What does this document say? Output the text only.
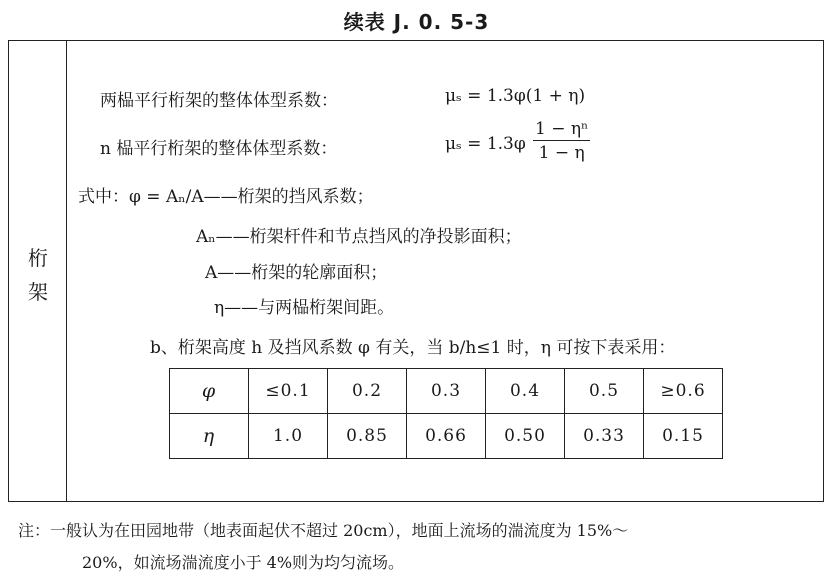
续表 J. 0. 5-3
桁
架
两榀平行桁架的整体体型系数：	μₛ = 1.3φ(1 + η)
n 榀平行桁架的整体体型系数：	$\mu_s = 1.3\varphi \frac{\text{1 − ηⁿ}}{1 - \eta}$
式中：φ = Aₙ/A——桁架的挡风系数；
Aₙ——桁架杆件和节点挡风的净投影面积；
A——桁架的轮廓面积；
η——与两榀桁架间距。
b、桁架高度 h 及挡风系数 φ 有关，当 b/h≤1 时，η 可按下表采用：
φ	≤0.1	0.2	0.3	0.4	0.5	≥0.6
η	1.0	0.85	0.66	0.50	0.33	0.15
注：一般认为在田园地带（地表面起伏不超过 20cm），地面上流场的湍流度为 15%～
20%，如流场湍流度小于 4%则为均匀流场。
